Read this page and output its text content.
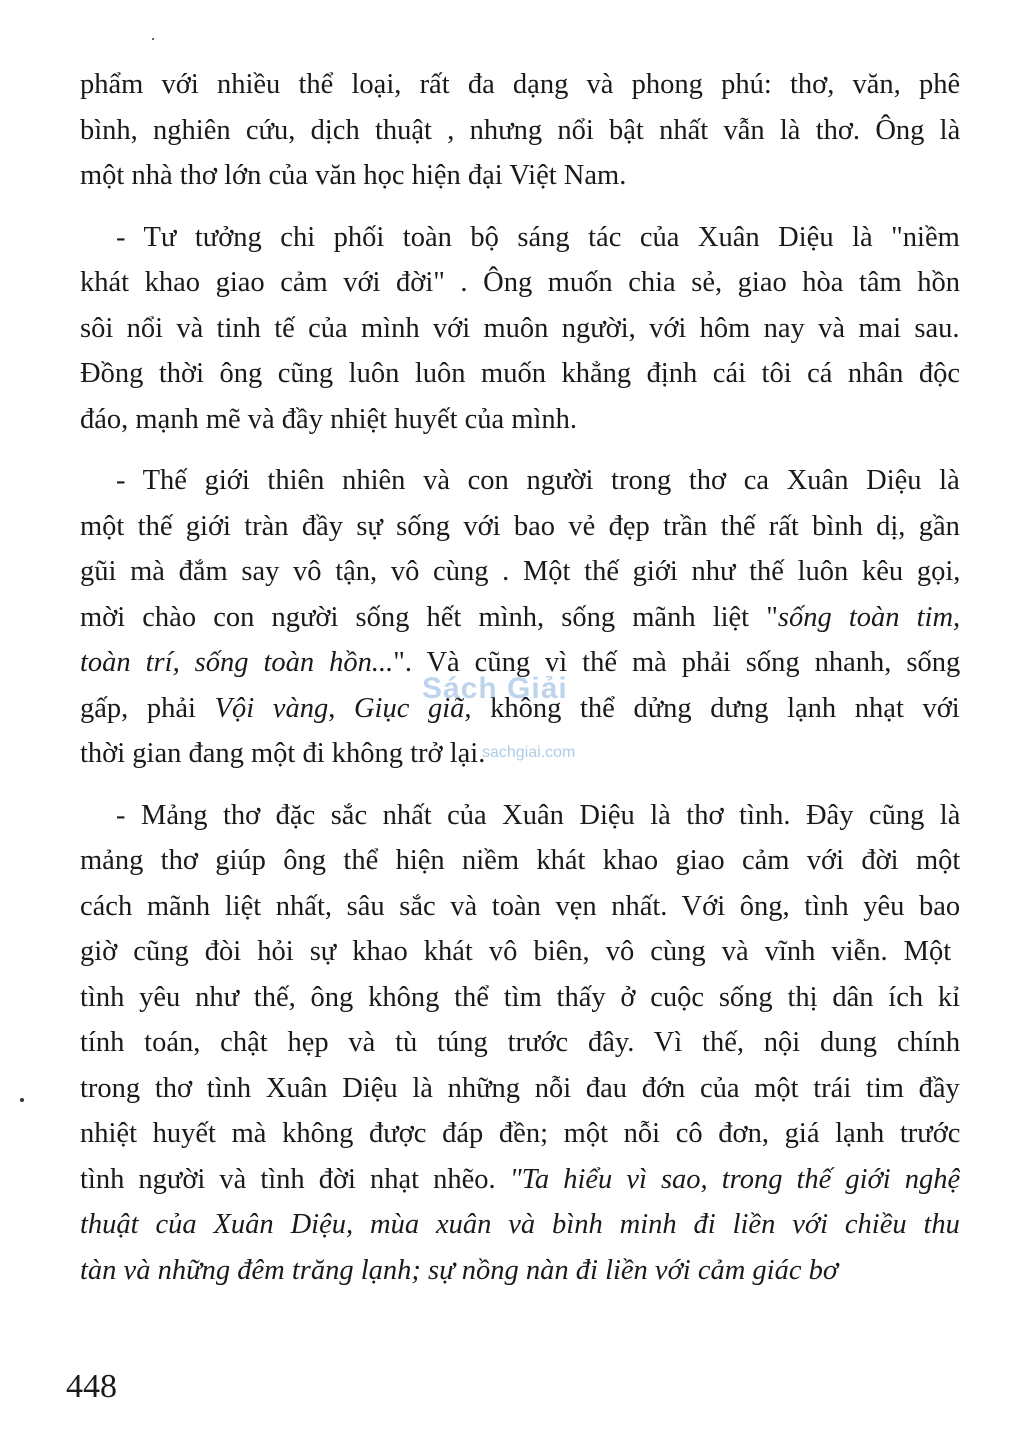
phẩm với nhiều thể loại, rất đa dạng và phong phú: thơ, văn, phê
bình, nghiên cứu, dịch thuật , nhưng nổi bật nhất vẫn là thơ. Ông là
một nhà thơ lớn của văn học hiện đại Việt Nam.

- Tư tưởng chi phối toàn bộ sáng tác của Xuân Diệu là "niềm
khát khao giao cảm với đời" . Ông muốn chia sẻ, giao hòa tâm hồn
sôi nổi và tinh tế của mình với muôn người, với hôm nay và mai sau.
Đồng thời ông cũng luôn luôn muốn khẳng định cái tôi cá nhân độc
đáo, mạnh mẽ và đầy nhiệt huyết của mình.

- Thế giới thiên nhiên và con người trong thơ ca Xuân Diệu là
một thế giới tràn đầy sự sống với bao vẻ đẹp trần thế rất bình dị, gần
gũi mà đắm say vô tận, vô cùng . Một thế giới như thế luôn kêu gọi,
mời chào con người sống hết mình, sống mãnh liệt "sống toàn tim,
toàn trí, sống toàn hồn...". Và cũng vì thế mà phải sống nhanh, sống
gấp, phải Vội vàng, Giục giã, không thể dửng dưng lạnh nhạt với
thời gian đang một đi không trở lại.

- Mảng thơ đặc sắc nhất của Xuân Diệu là thơ tình. Đây cũng là
mảng thơ giúp ông thể hiện niềm khát khao giao cảm với đời một
cách mãnh liệt nhất, sâu sắc và toàn vẹn nhất. Với ông, tình yêu bao
giờ cũng đòi hỏi sự khao khát vô biên, vô cùng và vĩnh viễn. Một
tình yêu như thế, ông không thể tìm thấy ở cuộc sống thị dân ích kỉ
tính toán, chật hẹp và tù túng trước đây. Vì thế, nội dung chính
trong thơ tình Xuân Diệu là những nỗi đau đớn của một trái tim đầy
nhiệt huyết mà không được đáp đền; một nỗi cô đơn, giá lạnh trước
tình người và tình đời nhạt nhẽo. "Ta hiểu vì sao, trong thế giới nghệ
thuật của Xuân Diệu, mùa xuân và bình minh đi liền với chiều thu
tàn và những đêm trăng lạnh; sự nồng nàn đi liền với cảm giác bơ

Sách Giải
sachgiai.com
448
